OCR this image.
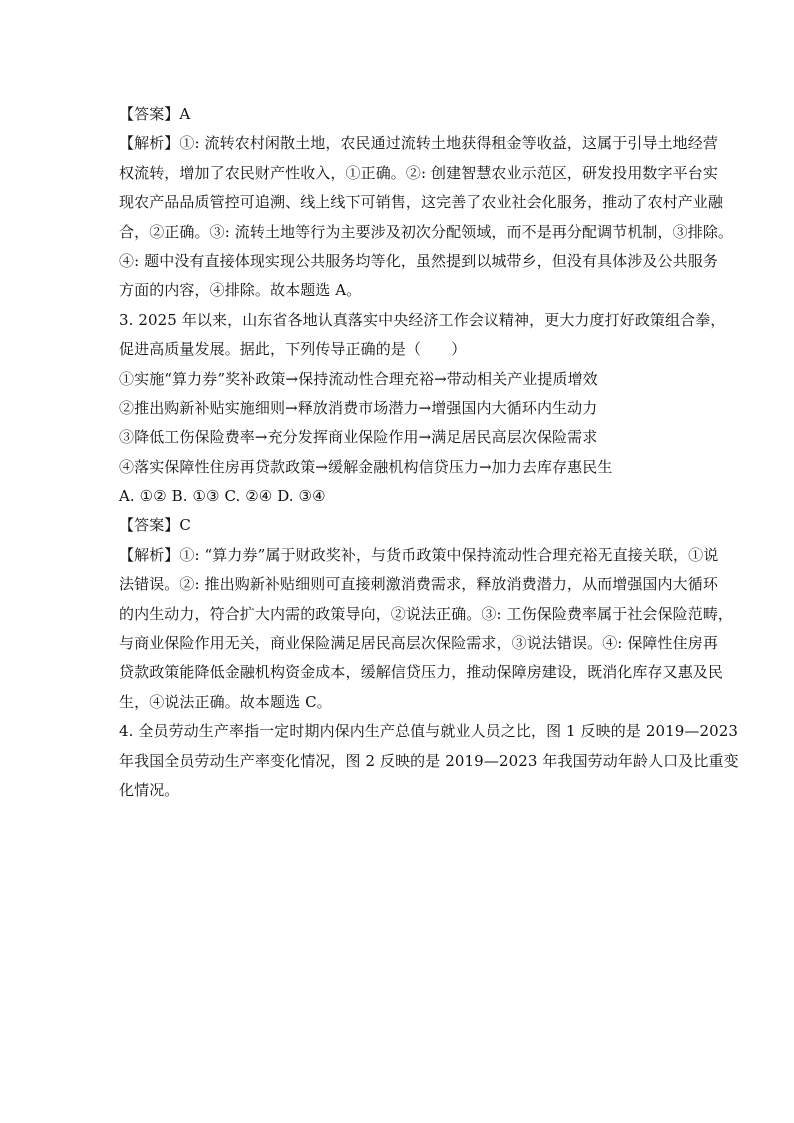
【答案】A
【解析】①: 流转农村闲散土地，农民通过流转土地获得租金等收益，这属于引导土地经营
权流转，增加了农民财产性收入，①正确。②: 创建智慧农业示范区，研发投用数字平台实
现农产品品质管控可追溯、线上线下可销售，这完善了农业社会化服务，推动了农村产业融
合，②正确。③: 流转土地等行为主要涉及初次分配领域，而不是再分配调节机制，③排除。
④: 题中没有直接体现实现公共服务均等化，虽然提到以城带乡，但没有具体涉及公共服务
方面的内容，④排除。故本题选 A。
3. 2025 年以来，山东省各地认真落实中央经济工作会议精神，更大力度打好政策组合拳，
促进高质量发展。据此，下列传导正确的是（　　）
①实施“算力券”奖补政策→保持流动性合理充裕→带动相关产业提质增效
②推出购新补贴实施细则→释放消费市场潜力→增强国内大循环内生动力
③降低工伤保险费率→充分发挥商业保险作用→满足居民高层次保险需求
④落实保障性住房再贷款政策→缓解金融机构信贷压力→加力去库存惠民生
A. ①② B. ①③ C. ②④ D. ③④
【答案】C
【解析】①: “算力券”属于财政奖补，与货币政策中保持流动性合理充裕无直接关联，①说
法错误。②: 推出购新补贴细则可直接刺激消费需求，释放消费潜力，从而增强国内大循环
的内生动力，符合扩大内需的政策导向，②说法正确。③: 工伤保险费率属于社会保险范畴，
与商业保险作用无关，商业保险满足居民高层次保险需求，③说法错误。④: 保障性住房再
贷款政策能降低金融机构资金成本，缓解信贷压力，推动保障房建设，既消化库存又惠及民
生，④说法正确。故本题选 C。
4. 全员劳动生产率指一定时期内保内生产总值与就业人员之比，图 1 反映的是 2019—2023
年我国全员劳动生产率变化情况，图 2 反映的是 2019—2023 年我国劳动年龄人口及比重变
化情况。
